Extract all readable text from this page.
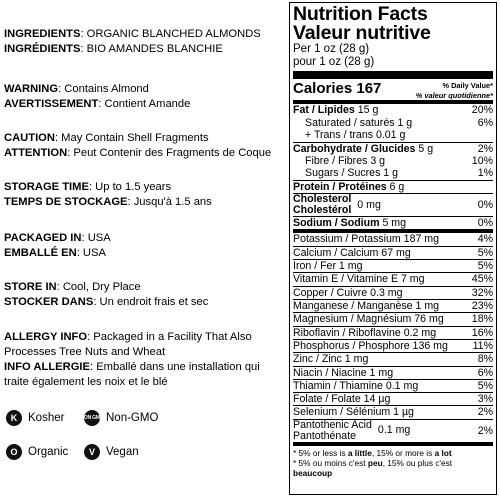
INGREDIENTS: ORGANIC BLANCHED ALMONDS

INGRÉDIENTS: BIO AMANDES BLANCHIE

WARNING: Contains Almond

AVERTISSEMENT: Contient Amande

CAUTION: May Contain Shell Fragments

ATTENTION: Peut Contenir des Fragments de Coque

STORAGE TIME: Up to 1.5 years

TEMPS DE STOCKAGE: Jusqu'à 1.5 ans

PACKAGED IN: USA

EMBALLÉ EN: USA

STORE IN: Cool, Dry Place

STOCKER DANS: Un endroit frais et sec

ALLERGY INFO: Packaged in a Facility That Also Processes Tree Nuts and Wheat

INFO ALLERGIE: Emballé dans une installation qui traite également les noix et le blé

K Kosher	NON GMO Non-GMO
O Organic	V Vegan
Nutrition Facts
Valeur nutritive
Per 1 oz (28 g)
pour 1 oz (28 g)
Calories 167	% Daily Value*
% valeur quotidienne*
Fat / Lipides 15 g	20%
Saturated / saturés 1 g	6%
+ Trans / trans 0.01 g
Carbohydrate / Glucides 5 g	2%
Fibre / Fibres 3 g	10%
Sugars / Sucres 1 g	1%
Protein / Protéines 6 g
Cholesterol
Cholestérol 0 mg	0%
Sodium / Sodium 5 mg	0%
Potassium / Potassium 187 mg	4%
Calcium / Calcium 67 mg	5%
Iron / Fer 1 mg	5%
Vitamin E / Vitamine E 7 mg	45%
Copper / Cuivre 0.3 mg	32%
Manganese / Manganèse 1 mg	23%
Magnesium / Magnésium 76 mg	18%
Riboflavin / Riboflavine 0.2 mg	16%
Phosphorus / Phosphore 136 mg 11%
Zinc / Zinc 1 mg	8%
Niacin / Niacine 1 mg	6%
Thiamin / Thiamine 0.1 mg	5%
Folate / Folate 14 µg	3%
Selenium / Sélénium 1 µg	2%
Pantothenic Acid
Pantothénate	0.1 mg	2%
* 5% or less is a little, 15% or more is a lot
* 5% ou moins c'est peu, 15% ou plus c'est beaucoup
